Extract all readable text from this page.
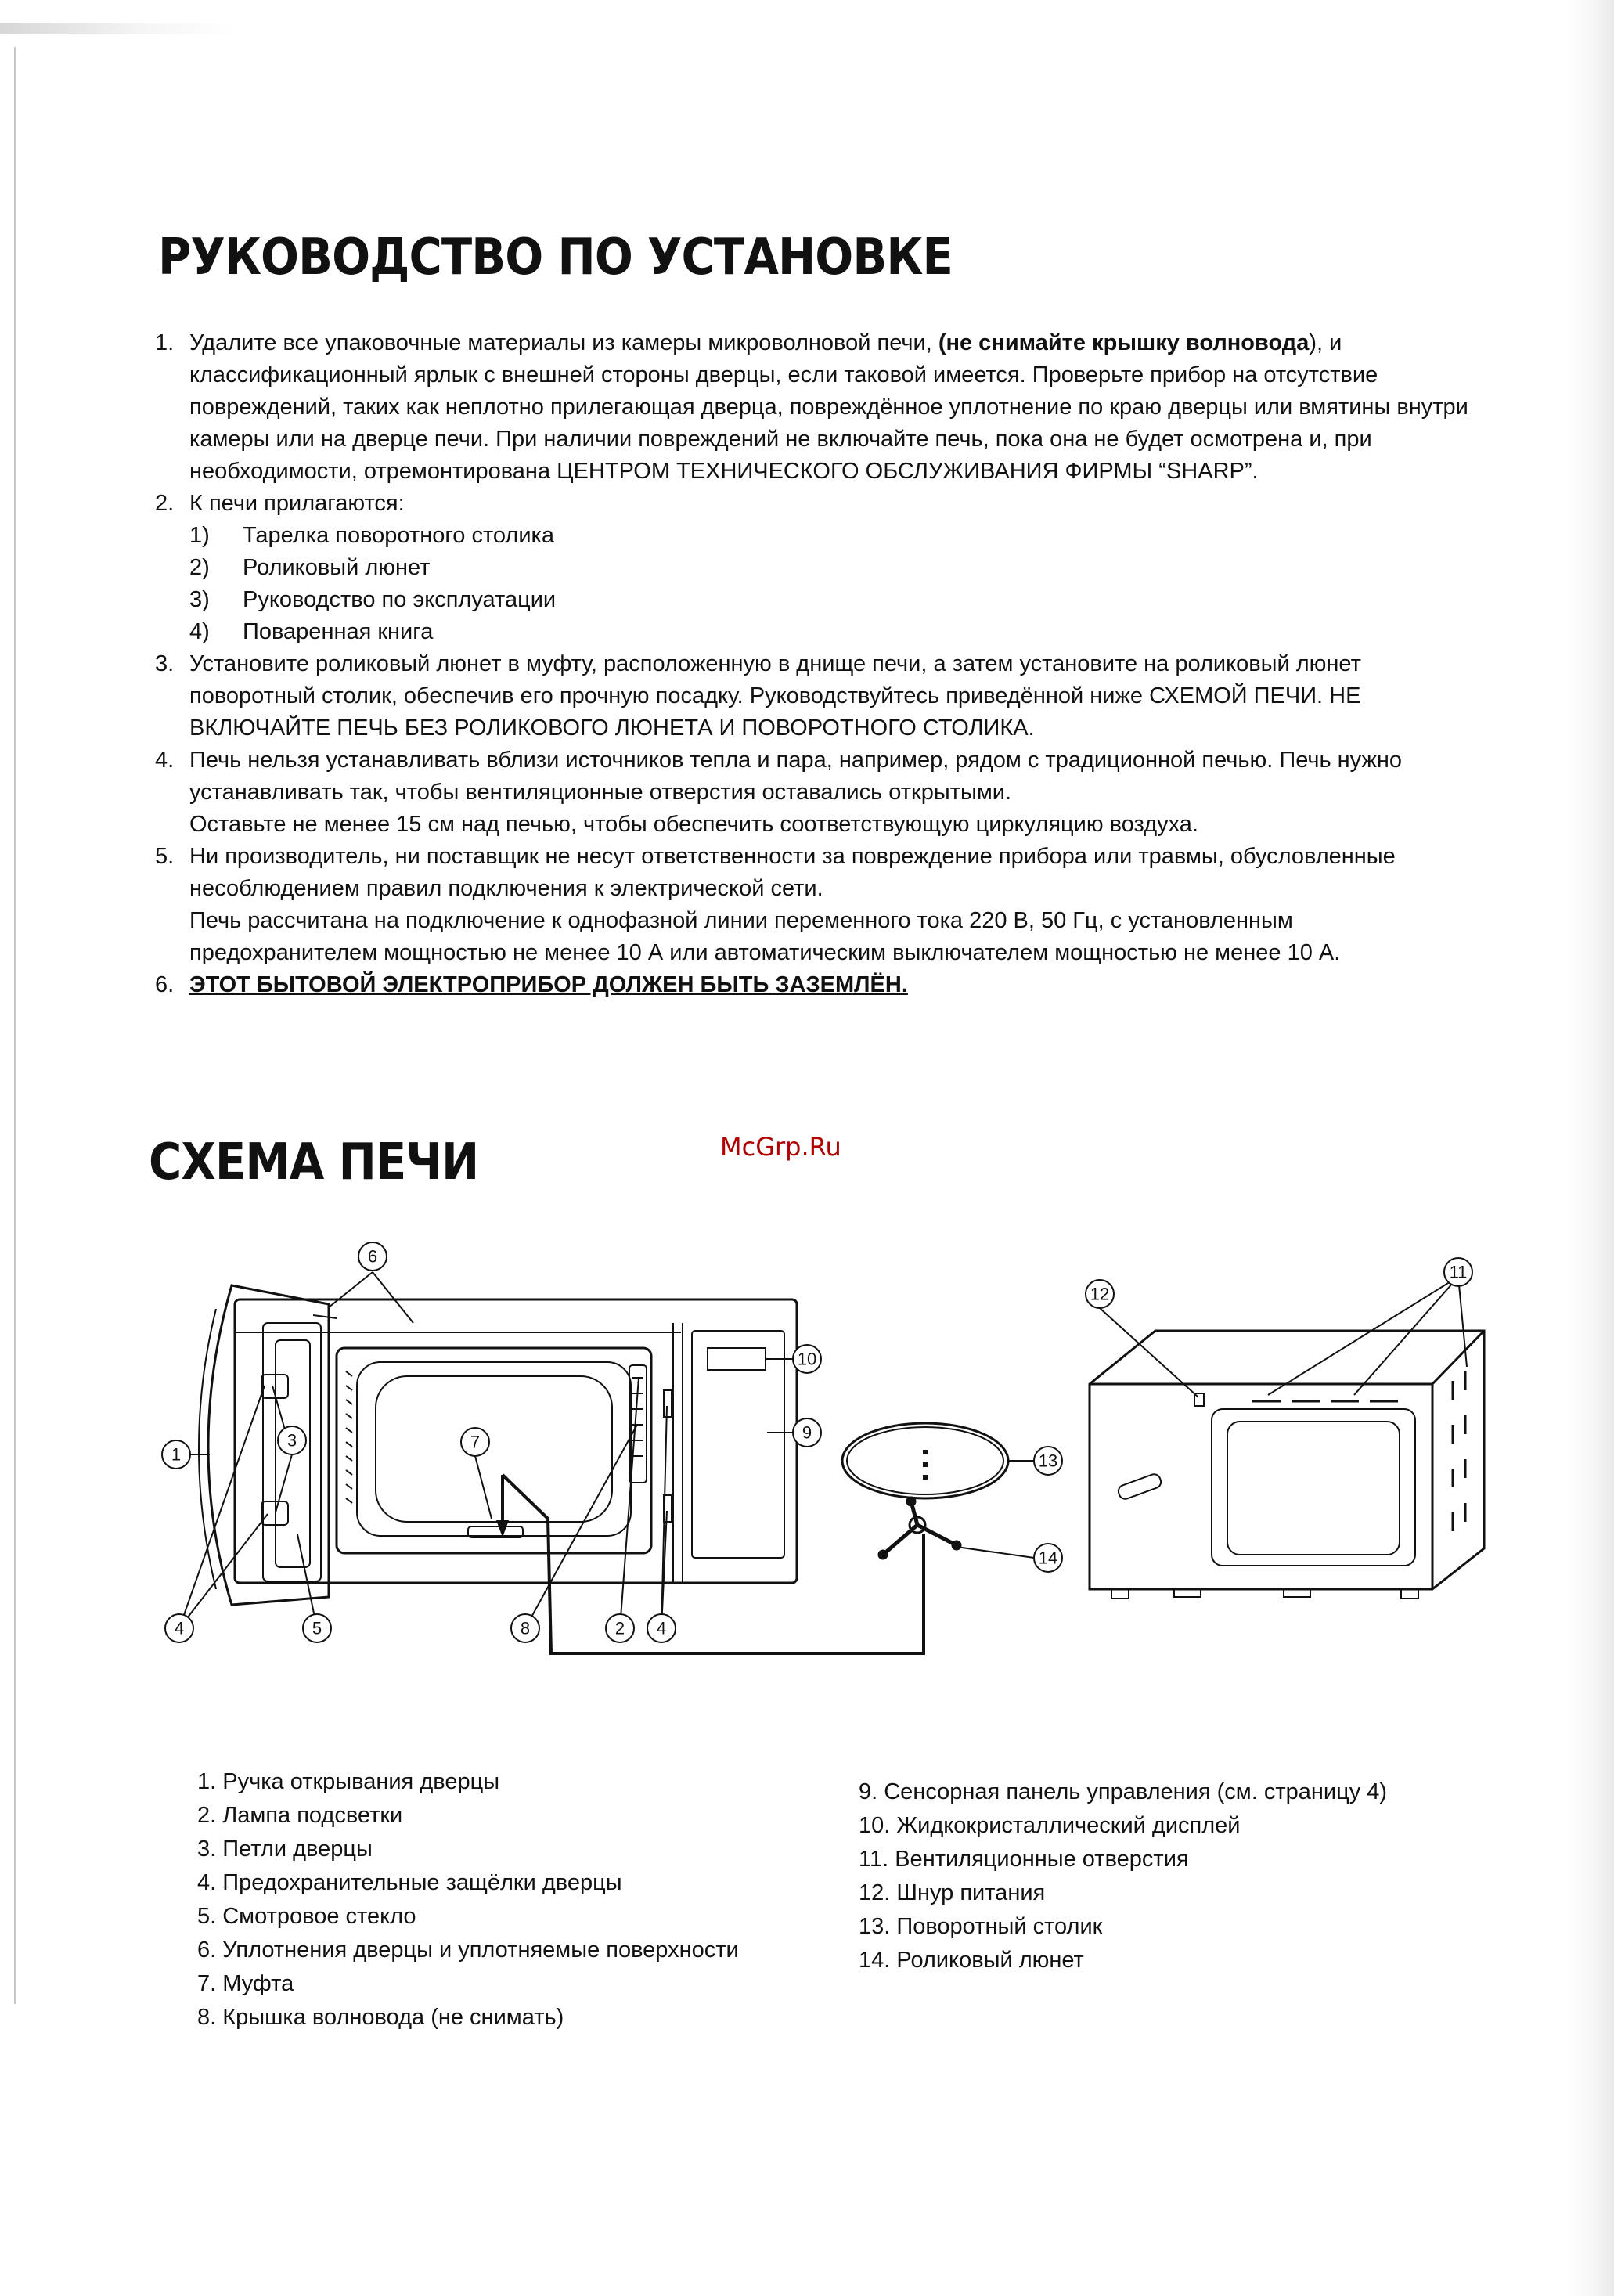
РУКОВОДСТВО ПО УСТАНОВКЕ
1. Удалите все упаковочные материалы из камеры микроволновой печи, (не снимайте крышку волновода), и классификационный ярлык с внешней стороны дверцы, если таковой имеется. Проверьте прибор на отсутствие повреждений, таких как неплотно прилегающая дверца, повреждённое уплотнение по краю дверцы или вмятины внутри камеры или на дверце печи. При наличии повреждений не включайте печь, пока она не будет осмотрена и, при необходимости, отремонтирована ЦЕНТРОМ ТЕХНИЧЕСКОГО ОБСЛУЖИВАНИЯ ФИРМЫ “SHARP”.
2. К печи прилагаются:
1) Тарелка поворотного столика
2) Роликовый люнет
3) Руководство по эксплуатации
4) Поваренная книга
3. Установите роликовый люнет в муфту, расположенную в днище печи, а затем установите на роликовый люнет поворотный столик, обеспечив его прочную посадку. Руководствуйтесь приведённой ниже СХЕМОЙ ПЕЧИ. НЕ ВКЛЮЧАЙТЕ ПЕЧЬ БЕЗ РОЛИКОВОГО ЛЮНЕТА И ПОВОРОТНОГО СТОЛИКА.
4. Печь нельзя устанавливать вблизи источников тепла и пара, например, рядом с традиционной печью. Печь нужно устанавливать так, чтобы вентиляционные отверстия оставались открытыми.
Оставьте не менее 15 см над печью, чтобы обеспечить соответствующую циркуляцию воздуха.
5. Ни производитель, ни поставщик не несут ответственности за повреждение прибора или травмы, обусловленные несоблюдением правил подключения к электрической сети.
Печь рассчитана на подключение к однофазной линии переменного тока 220 В, 50 Гц, с установленным предохранителем мощностью не менее 10 А или автоматическим выключателем мощностью не менее 10 А.
6. ЭТОТ БЫТОВОЙ ЭЛЕКТРОПРИБОР ДОЛЖЕН БЫТЬ ЗАЗЕМЛЁН.
СХЕМА ПЕЧИ	McGrp.Ru
1
6
7
3
4	5	8	2 4
10
9
13
14
12
11
1. Ручка открывания дверцы
2. Лампа подсветки
3. Петли дверцы
4. Предохранительные защёлки дверцы
5. Смотровое стекло
6. Уплотнения дверцы и уплотняемые поверхности
7. Муфта
8. Крышка волновода (не снимать)
9. Сенсорная панель управления (см. страницу 4)
10. Жидкокристаллический дисплей
11. Вентиляционные отверстия
12. Шнур питания
13. Поворотный столик
14. Роликовый люнет
